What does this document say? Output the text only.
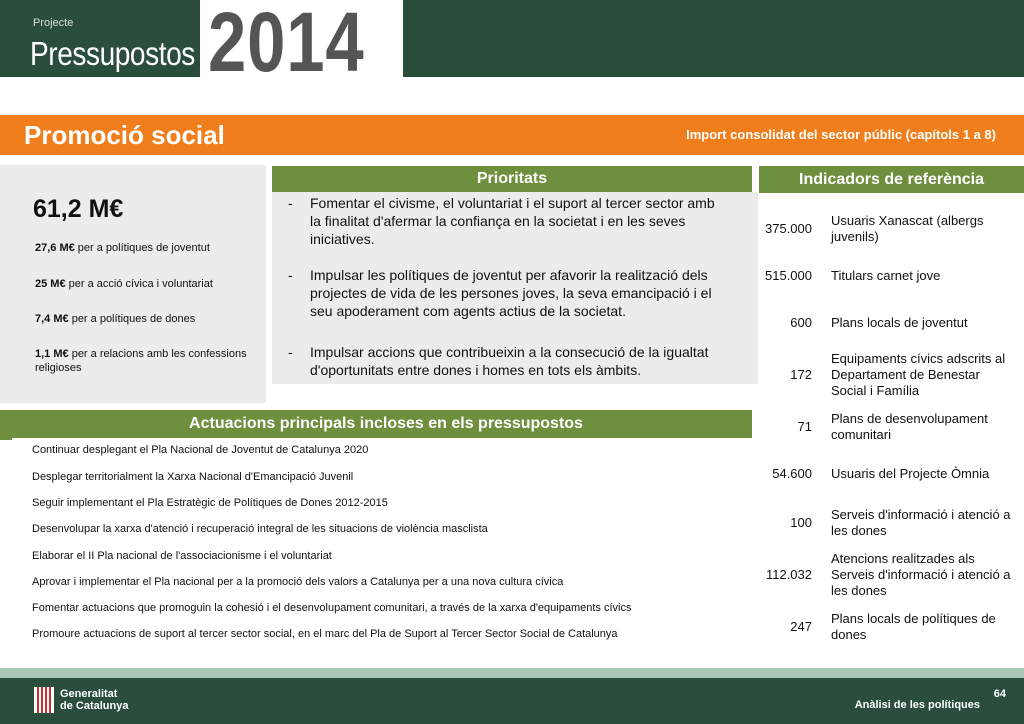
Projecte
Pressupostos 2014
Promoció social	Import consolidat del sector públic (capítols 1 a 8)
61,2 M€
27,6 M€ per a polítiques de joventut
25 M€ per a acció cívica i voluntariat
7,4 M€ per a polítiques de dones
1,1 M€ per a relacions amb les confessions religioses
Prioritats
- Fomentar el civisme, el voluntariat i el suport al tercer sector amb la finalitat d'afermar la confiança en la societat i en les seves iniciatives.
- Impulsar les polítiques de joventut per afavorir la realització dels projectes de vida de les persones joves, la seva emancipació i el seu apoderament com agents actius de la societat.
- Impulsar accions que contribueixin a la consecució de la igualtat d'oportunitats entre dones i homes en tots els àmbits.
Indicadors de referència
375.000
Usuaris Xanascat (albergs juvenils)
515.000 Titulars carnet jove
600 Plans locals de joventut
172
Equipaments cívics adscrits al Departament de Benestar Social i Família
71
Plans de desenvolupament comunitari
54.600 Usuaris del Projecte Òmnia
100
Serveis d'informació i atenció a les dones
112.032
Atencions realitzades als Serveis d'informació i atenció a les dones
247
Plans locals de polítiques de dones
Actuacions principals incloses en els pressupostos
Continuar desplegant el Pla Nacional de Joventut de Catalunya 2020
Desplegar territorialment la Xarxa Nacional d'Emancipació Juvenil
Seguir implementant el Pla Estratègic de Polítiques de Dones 2012-2015
Desenvolupar la xarxa d'atenció i recuperació integral de les situacions de violència masclista
Elaborar el II Pla nacional de l'associacionisme i el voluntariat
Aprovar i implementar el Pla nacional per a la promoció dels valors a Catalunya per a una nova cultura cívica
Fomentar actuacions que promoguin la cohesió i el desenvolupament comunitari, a través de la xarxa d'equipaments cívics
Promoure actuacions de suport al tercer sector social, en el marc del Pla de Suport al Tercer Sector Social de Catalunya
Generalitat
de Catalunya
64
Anàlisi de les polítiques
